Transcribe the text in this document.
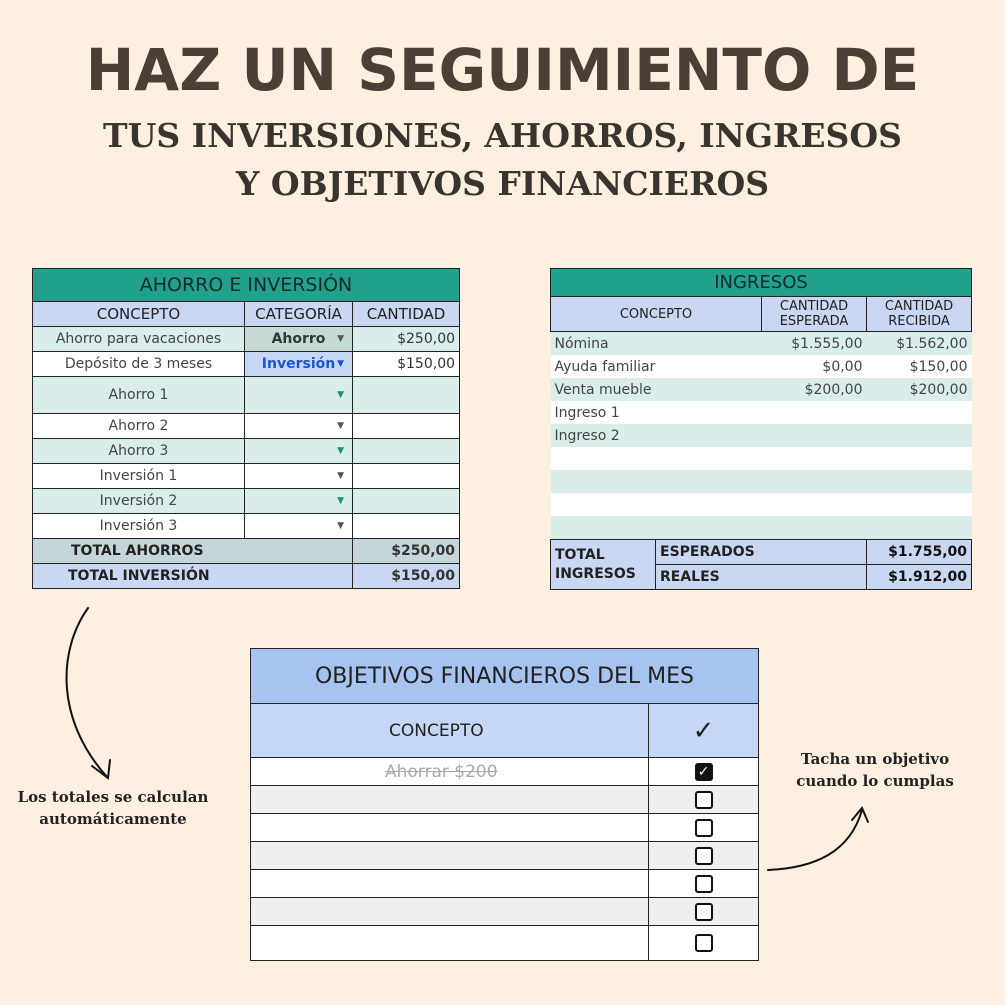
HAZ UN SEGUIMIENTO DE
TUS INVERSIONES, AHORROS, INGRESOS
Y OBJETIVOS FINANCIEROS
AHORRO E INVERSIÓN		
CONCEPTO	CATEGORÍA	CANTIDAD
Ahorro para vacaciones	Ahorro ▼	$250,00
Depósito de 3 meses	Inversión ▼	$150,00
Ahorro 1	▼	

Ahorro 2	▼	

Ahorro 3	▼	

Inversión 1	▼	

Inversión 2	▼	

Inversión 3	▼	

TOTAL AHORROS		$250,00
TOTAL INVERSIÓN		$150,00
INGRESOS			
CONCEPTO		CANTIDAD ESPERADA	CANTIDAD RECIBIDA
Nómina		$1.555,00	$1.562,00
Ayuda familiar		$0,00	$150,00
Venta mueble		$200,00	$200,00
Ingreso 1			
Ingreso 2			

TOTAL INGRESOS	ESPERADOS		$1.755,00
	REALES		$1.912,00
OBJETIVOS FINANCIEROS DEL MES	
CONCEPTO	✓
Ahorrar $200	✓

Los totales se calculan automáticamente
Tacha un objetivo cuando lo cumplas
